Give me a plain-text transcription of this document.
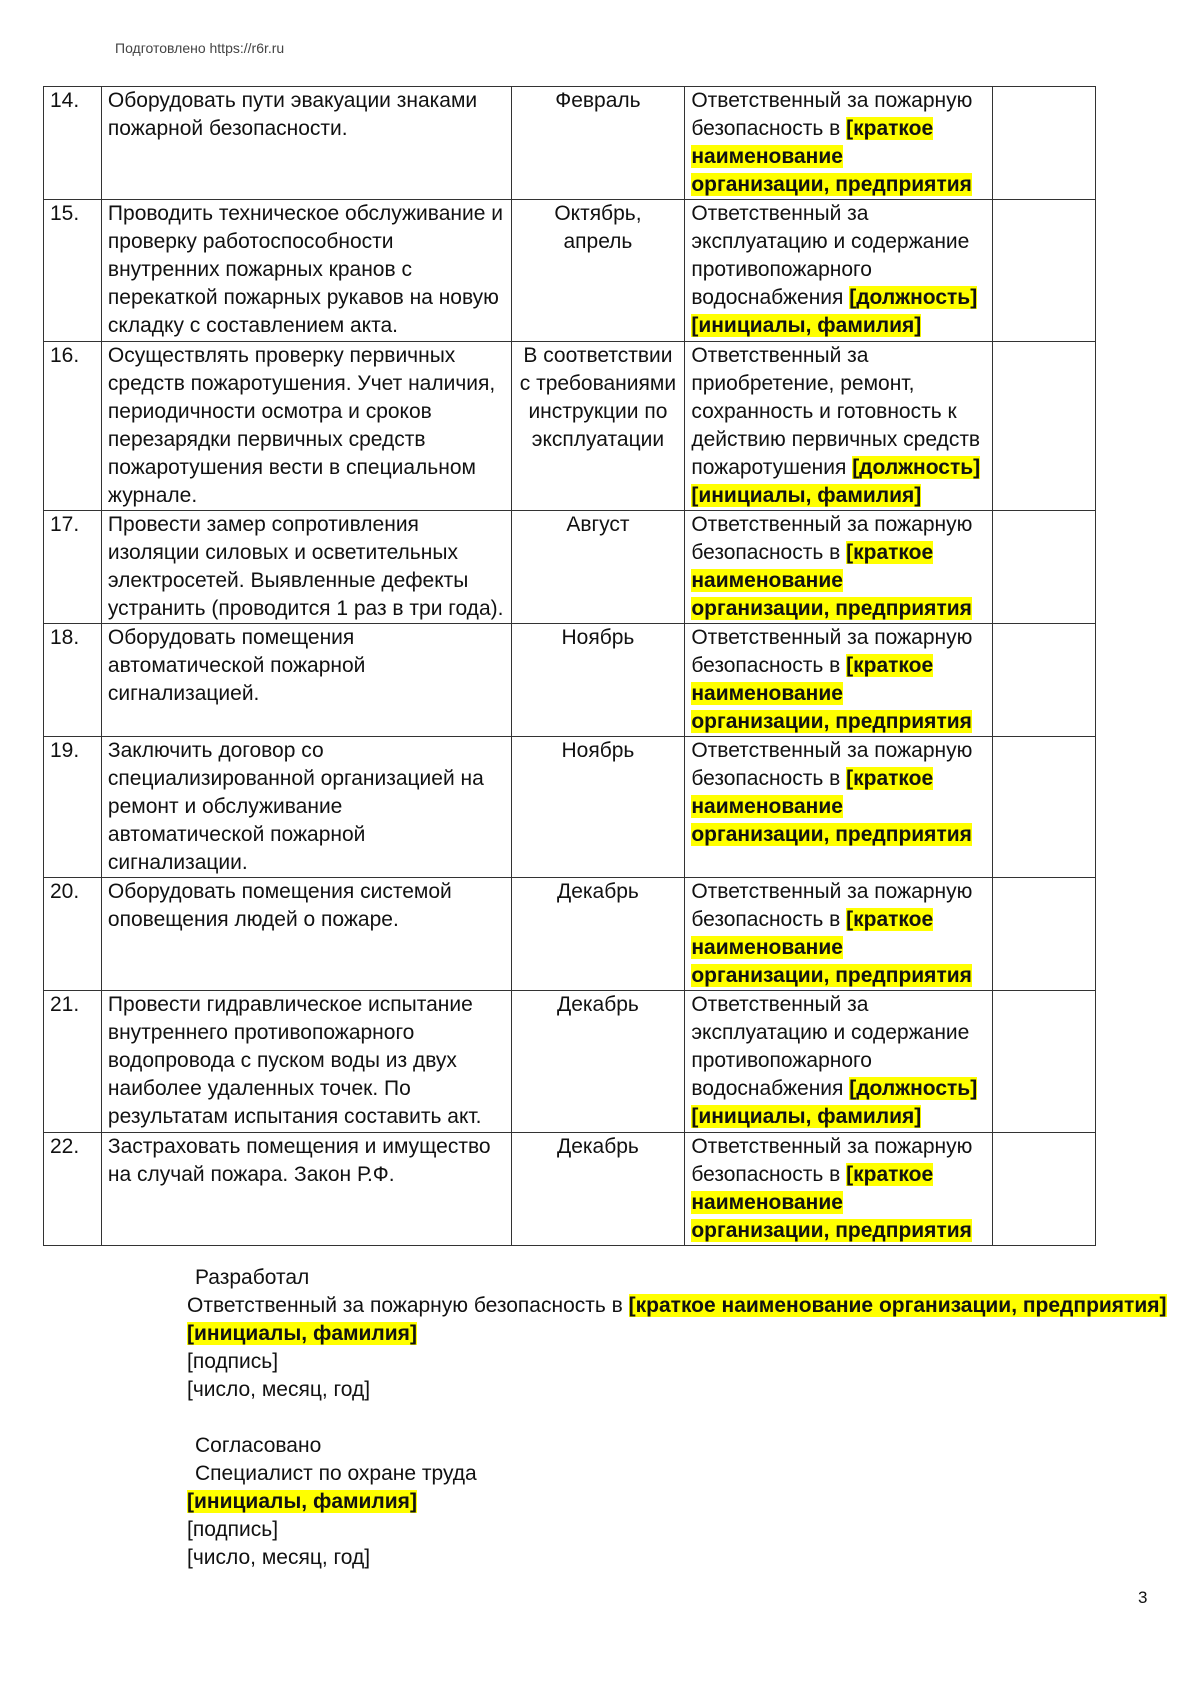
Подготовлено https://r6r.ru
14.	Оборудовать пути эвакуации знаками пожарной безопасности.	Февраль	Ответственный за пожарную безопасность в [краткое наименование организации, предприятия	
15.	Проводить техническое обслуживание и проверку работоспособности внутренних пожарных кранов с перекаткой пожарных рукавов на новую складку с составлением акта.	Октябрь, апрель	Ответственный за эксплуатацию и содержание противопожарного водоснабжения [должность]
[инициалы, фамилия]	
16.	Осуществлять проверку первичных средств пожаротушения. Учет наличия, периодичности осмотра и сроков перезарядки первичных средств пожаротушения вести в специальном журнале.	В соответствии с требованиями инструкции по эксплуатации	Ответственный за приобретение, ремонт, сохранность и готовность к действию первичных средств пожаротушения [должность]
[инициалы, фамилия]	
17.	Провести замер сопротивления изоляции силовых и осветительных электросетей. Выявленные дефекты устранить (проводится 1 раз в три года).	Август	Ответственный за пожарную безопасность в [краткое наименование организации, предприятия	
18.	Оборудовать помещения автоматической пожарной сигнализацией.	Ноябрь	Ответственный за пожарную безопасность в [краткое наименование организации, предприятия	
19.	Заключить договор со специализированной организацией на ремонт и обслуживание автоматической пожарной сигнализации.	Ноябрь	Ответственный за пожарную безопасность в [краткое наименование организации, предприятия	
20.	Оборудовать помещения системой оповещения людей о пожаре.	Декабрь	Ответственный за пожарную безопасность в [краткое наименование организации, предприятия	
21.	Провести гидравлическое испытание внутреннего противопожарного водопровода с пуском воды из двух наиболее удаленных точек. По результатам испытания составить акт.	Декабрь	Ответственный за эксплуатацию и содержание противопожарного водоснабжения [должность]
[инициалы, фамилия]	
22.	Застраховать помещения и имущество на случай пожара. Закон Р.Ф.	Декабрь	Ответственный за пожарную безопасность в [краткое наименование организации, предприятия	
Разработал
Ответственный за пожарную безопасность в [краткое наименование организации, предприятия]
[инициалы, фамилия]
[подпись]
[число, месяц, год]
Согласовано
Специалист по охране труда
[инициалы, фамилия]
[подпись]
[число, месяц, год]
3
